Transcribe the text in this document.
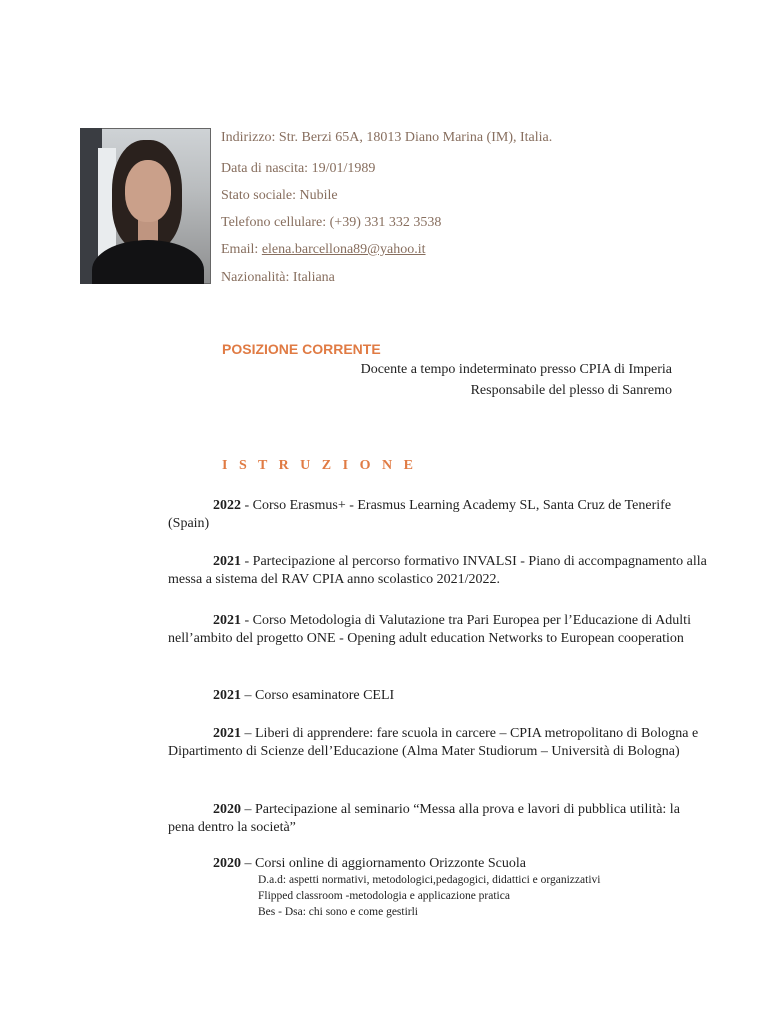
Indirizzo: Str. Berzi 65A, 18013 Diano Marina (IM), Italia.
Data di nascita: 19/01/1989
Stato sociale: Nubile
Telefono cellulare: (+39) 331 332 3538
Email: elena.barcellona89@yahoo.it
Nazionalità: Italiana
POSIZIONE CORRENTE
Docente a tempo indeterminato presso CPIA di Imperia
Responsabile del plesso di Sanremo
I S T R U Z I O N E
2022 - Corso Erasmus+ - Erasmus Learning Academy SL, Santa Cruz de Tenerife (Spain)
2021 - Partecipazione al percorso formativo INVALSI - Piano di accompagnamento alla messa a sistema del RAV CPIA anno scolastico 2021/2022.
2021 - Corso Metodologia di Valutazione tra Pari Europea per l’Educazione di Adulti nell’ambito del progetto ONE - Opening adult education Networks to European cooperation
2021 – Corso esaminatore CELI
2021 – Liberi di apprendere: fare scuola in carcere – CPIA metropolitano di Bologna e Dipartimento di Scienze dell’Educazione (Alma Mater Studiorum – Università di Bologna)
2020 – Partecipazione al seminario “Messa alla prova e lavori di pubblica utilità: la pena dentro la società”
2020 – Corsi online di aggiornamento Orizzonte Scuola
D.a.d: aspetti normativi, metodologici,pedagogici, didattici e organizzativi
Flipped classroom -metodologia e applicazione pratica
Bes - Dsa: chi sono e come gestirli
